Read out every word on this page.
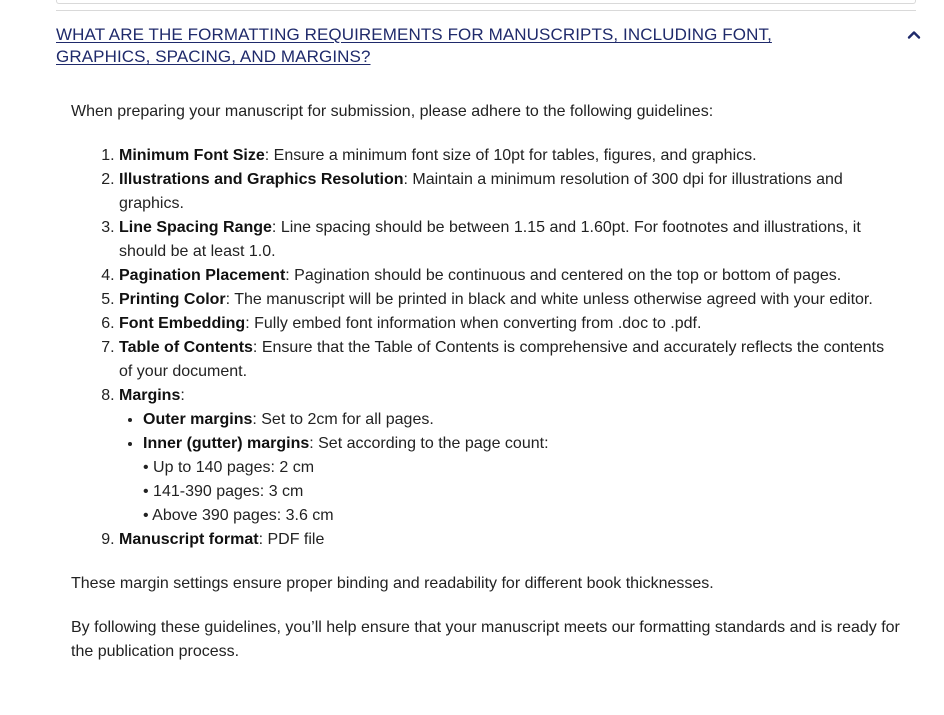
WHAT ARE THE FORMATTING REQUIREMENTS FOR MANUSCRIPTS, INCLUDING FONT, GRAPHICS, SPACING, AND MARGINS?

When preparing your manuscript for submission, please adhere to the following guidelines:

1. Minimum Font Size: Ensure a minimum font size of 10pt for tables, figures, and graphics.
2. Illustrations and Graphics Resolution: Maintain a minimum resolution of 300 dpi for illustrations and graphics.
3. Line Spacing Range: Line spacing should be between 1.15 and 1.60pt. For footnotes and illustrations, it should be at least 1.0.
4. Pagination Placement: Pagination should be continuous and centered on the top or bottom of pages.
5. Printing Color: The manuscript will be printed in black and white unless otherwise agreed with your editor.
6. Font Embedding: Fully embed font information when converting from .doc to .pdf.
7. Table of Contents: Ensure that the Table of Contents is comprehensive and accurately reflects the contents of your document.
8. Margins:
• Outer margins: Set to 2cm for all pages.
• Inner (gutter) margins: Set according to the page count:
• Up to 140 pages: 2 cm
• 141-390 pages: 3 cm
• Above 390 pages: 3.6 cm
9. Manuscript format: PDF file

These margin settings ensure proper binding and readability for different book thicknesses.

By following these guidelines, you’ll help ensure that your manuscript meets our formatting standards and is ready for the publication process.
